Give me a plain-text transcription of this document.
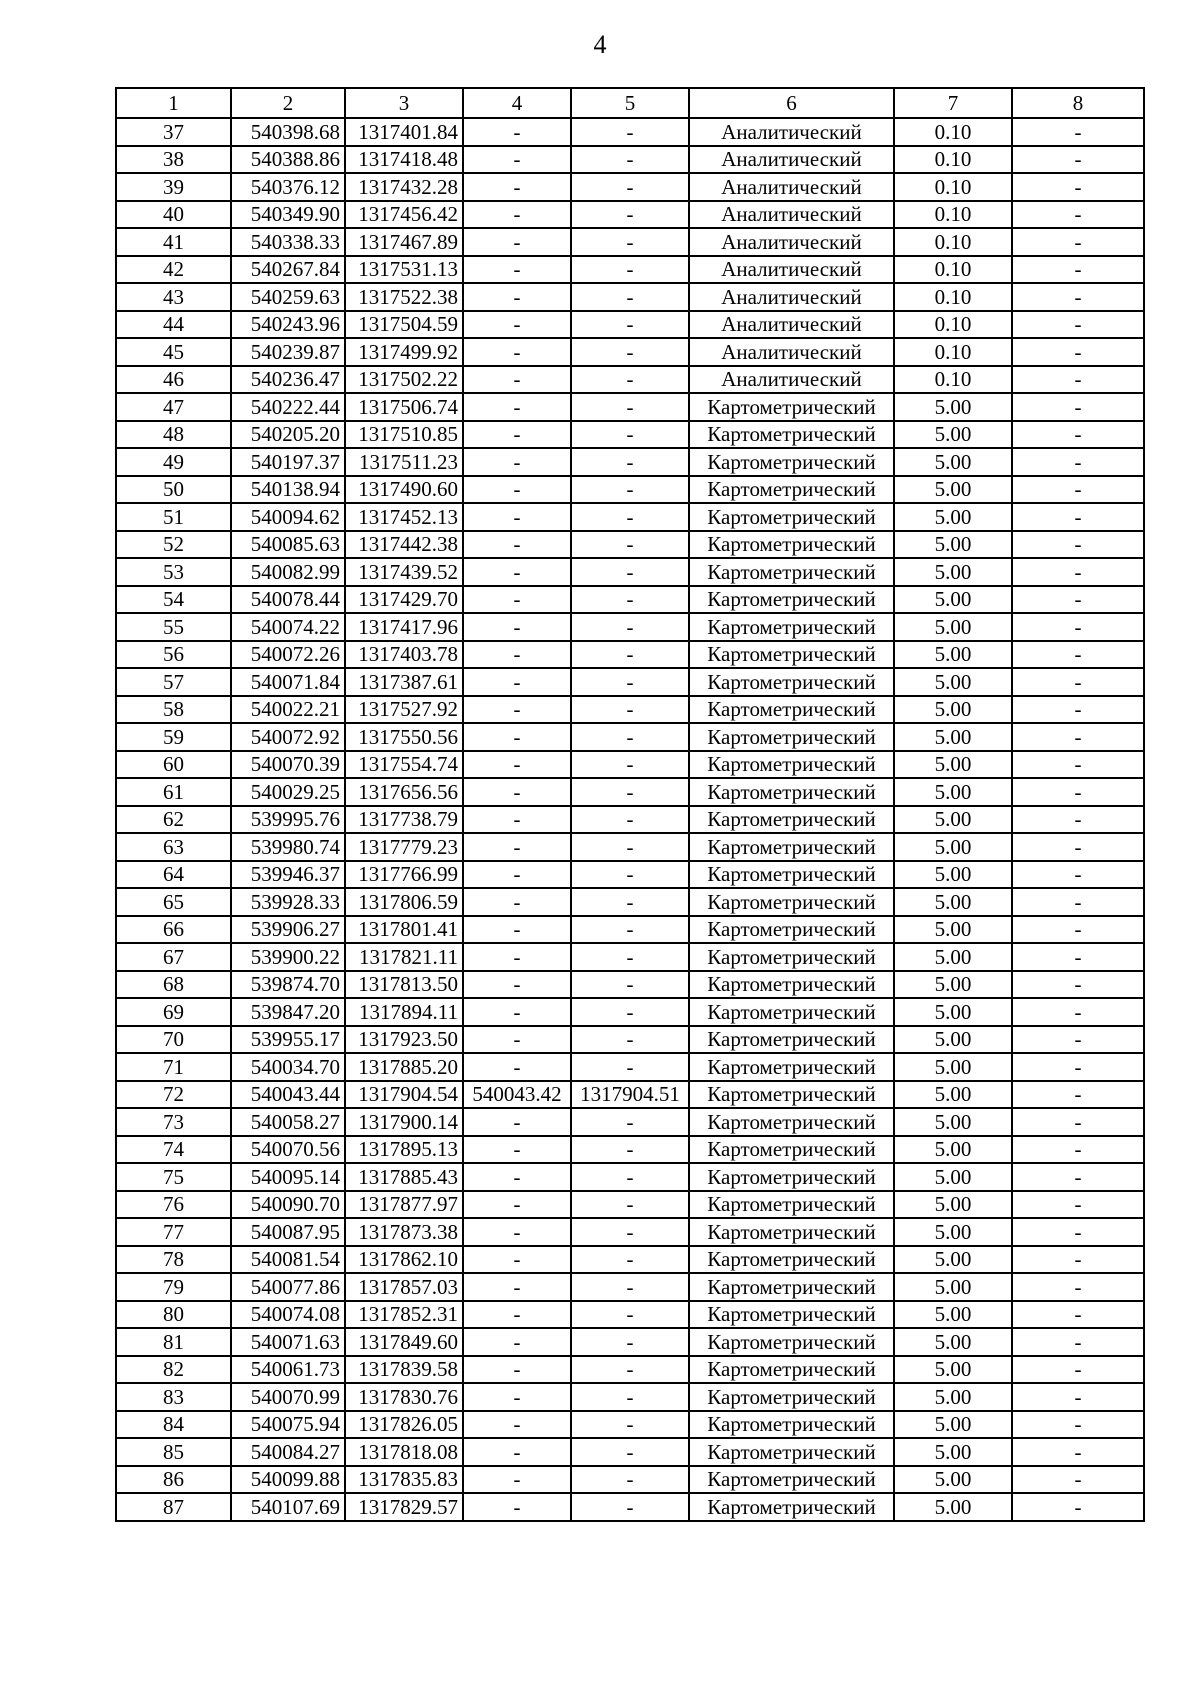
4
1	2	3	4	5	6	7	8
37	540398.68	1317401.84	-	-	Аналитический	0.10	-
38	540388.86	1317418.48	-	-	Аналитический	0.10	-
39	540376.12	1317432.28	-	-	Аналитический	0.10	-
40	540349.90	1317456.42	-	-	Аналитический	0.10	-
41	540338.33	1317467.89	-	-	Аналитический	0.10	-
42	540267.84	1317531.13	-	-	Аналитический	0.10	-
43	540259.63	1317522.38	-	-	Аналитический	0.10	-
44	540243.96	1317504.59	-	-	Аналитический	0.10	-
45	540239.87	1317499.92	-	-	Аналитический	0.10	-
46	540236.47	1317502.22	-	-	Аналитический	0.10	-
47	540222.44	1317506.74	-	-	Картометрический	5.00	-
48	540205.20	1317510.85	-	-	Картометрический	5.00	-
49	540197.37	1317511.23	-	-	Картометрический	5.00	-
50	540138.94	1317490.60	-	-	Картометрический	5.00	-
51	540094.62	1317452.13	-	-	Картометрический	5.00	-
52	540085.63	1317442.38	-	-	Картометрический	5.00	-
53	540082.99	1317439.52	-	-	Картометрический	5.00	-
54	540078.44	1317429.70	-	-	Картометрический	5.00	-
55	540074.22	1317417.96	-	-	Картометрический	5.00	-
56	540072.26	1317403.78	-	-	Картометрический	5.00	-
57	540071.84	1317387.61	-	-	Картометрический	5.00	-
58	540022.21	1317527.92	-	-	Картометрический	5.00	-
59	540072.92	1317550.56	-	-	Картометрический	5.00	-
60	540070.39	1317554.74	-	-	Картометрический	5.00	-
61	540029.25	1317656.56	-	-	Картометрический	5.00	-
62	539995.76	1317738.79	-	-	Картометрический	5.00	-
63	539980.74	1317779.23	-	-	Картометрический	5.00	-
64	539946.37	1317766.99	-	-	Картометрический	5.00	-
65	539928.33	1317806.59	-	-	Картометрический	5.00	-
66	539906.27	1317801.41	-	-	Картометрический	5.00	-
67	539900.22	1317821.11	-	-	Картометрический	5.00	-
68	539874.70	1317813.50	-	-	Картометрический	5.00	-
69	539847.20	1317894.11	-	-	Картометрический	5.00	-
70	539955.17	1317923.50	-	-	Картометрический	5.00	-
71	540034.70	1317885.20	-	-	Картометрический	5.00	-
72	540043.44	1317904.54	540043.42	1317904.51	Картометрический	5.00	-
73	540058.27	1317900.14	-	-	Картометрический	5.00	-
74	540070.56	1317895.13	-	-	Картометрический	5.00	-
75	540095.14	1317885.43	-	-	Картометрический	5.00	-
76	540090.70	1317877.97	-	-	Картометрический	5.00	-
77	540087.95	1317873.38	-	-	Картометрический	5.00	-
78	540081.54	1317862.10	-	-	Картометрический	5.00	-
79	540077.86	1317857.03	-	-	Картометрический	5.00	-
80	540074.08	1317852.31	-	-	Картометрический	5.00	-
81	540071.63	1317849.60	-	-	Картометрический	5.00	-
82	540061.73	1317839.58	-	-	Картометрический	5.00	-
83	540070.99	1317830.76	-	-	Картометрический	5.00	-
84	540075.94	1317826.05	-	-	Картометрический	5.00	-
85	540084.27	1317818.08	-	-	Картометрический	5.00	-
86	540099.88	1317835.83	-	-	Картометрический	5.00	-
87	540107.69	1317829.57	-	-	Картометрический	5.00	-
